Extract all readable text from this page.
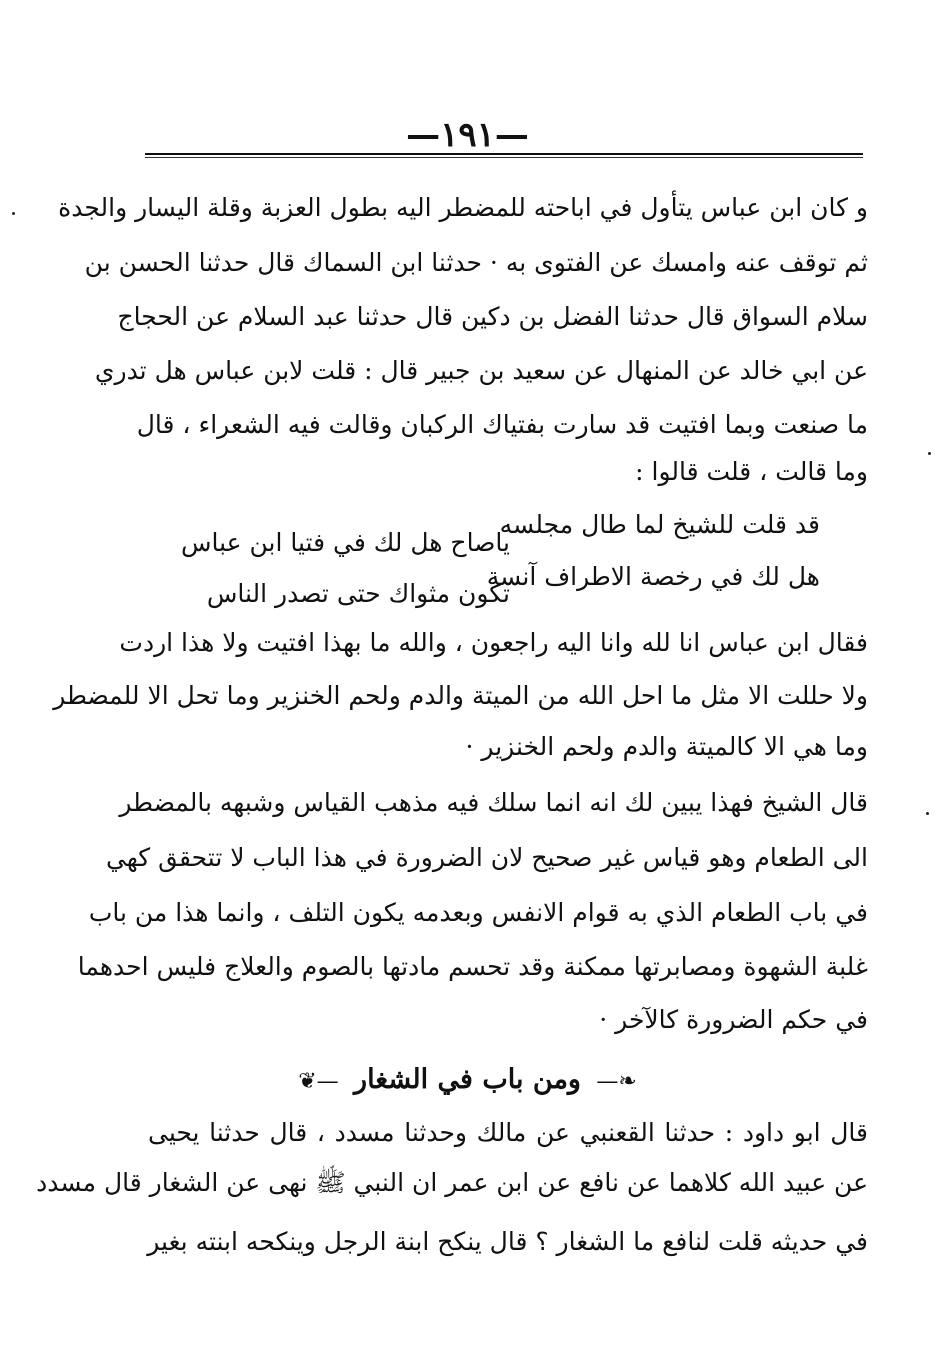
—١٩١—
و كان ابن عباس يتأول في اباحته للمضطر اليه بطول العزبة وقلة اليسار والجدة
ثم توقف عنه وامسك عن الفتوى به · حدثنا ابن السماك قال حدثنا الحسن بن
سلام السواق قال حدثنا الفضل بن دكين قال حدثنا عبد السلام عن الحجاج
عن ابي خالد عن المنهال عن سعيد بن جبير قال : قلت لابن عباس هل تدري
ما صنعت وبما افتيت قد سارت بفتياك الركبان وقالت فيه الشعراء ، قال
وما قالت ، قلت قالوا :
قد قلت للشيخ لما طال مجلسه
ياصاح هل لك في فتيا ابن عباس
هل لك في رخصة الاطراف آنسة
تكون مثواك حتى تصدر الناس
فقال ابن عباس انا لله وانا اليه راجعون ، والله ما بهذا افتيت ولا هذا اردت
ولا حللت الا مثل ما احل الله من الميتة والدم ولحم الخنزير وما تحل الا للمضطر
وما هي الا كالميتة والدم ولحم الخنزير ·
قال الشيخ فهذا يبين لك انه انما سلك فيه مذهب القياس وشبهه بالمضطر
الى الطعام وهو قياس غير صحيح لان الضرورة في هذا الباب لا تتحقق كهي
في باب الطعام الذي به قوام الانفس وبعدمه يكون التلف ، وانما هذا من باب
غلبة الشهوة ومصابرتها ممكنة وقد تحسم مادتها بالصوم والعلاج فليس احدهما
في حكم الضرورة كالآخر ·
❧— ومن باب في الشغار —❦
قال ابو داود : حدثنا القعنبي عن مالك وحدثنا مسدد ، قال حدثنا يحيى
عن عبيد الله كلاهما عن نافع عن ابن عمر ان النبي ﷺ نهى عن الشغار قال مسدد
في حديثه قلت لنافع ما الشغار ؟ قال ينكح ابنة الرجل وينكحه ابنته بغير
